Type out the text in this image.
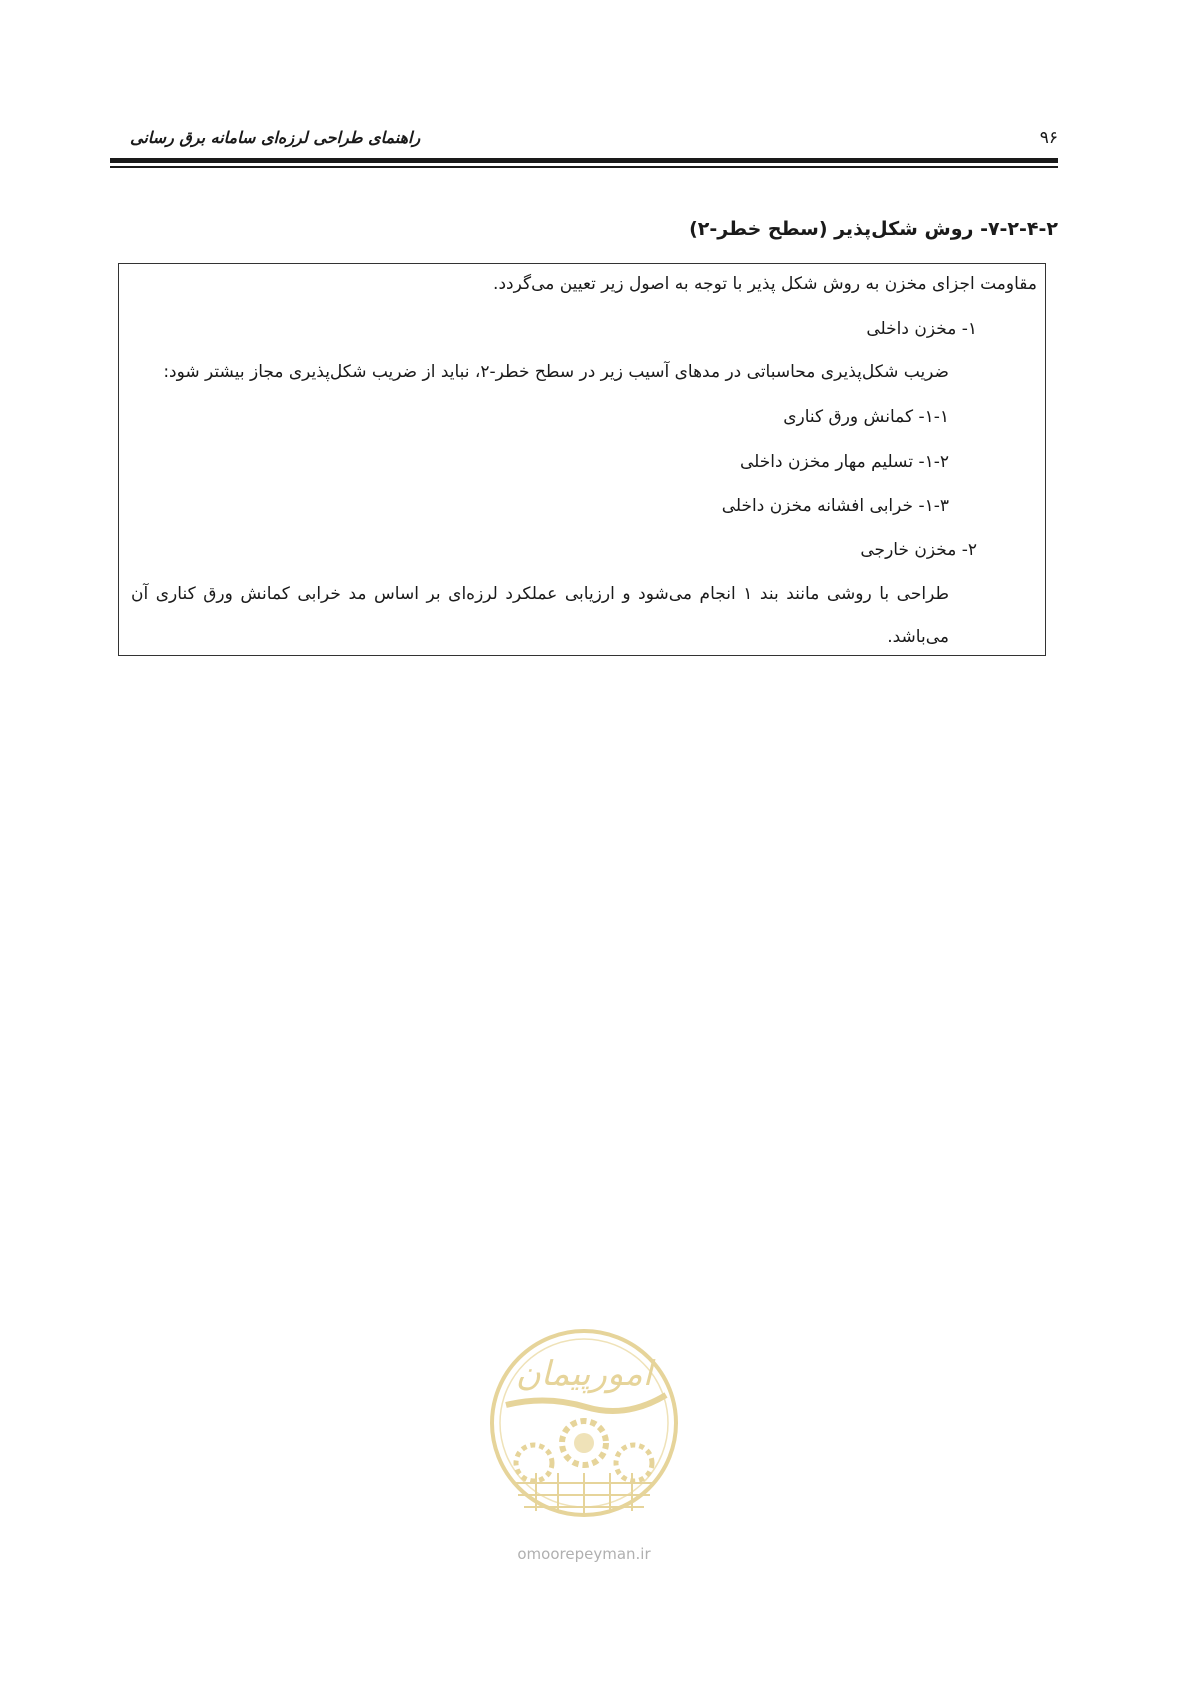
۹۶
راهنمای طراحی لرزه‌ای سامانه برق رسانی
۷-۲-۴-۲- روش شکل‌پذیر (سطح خطر-۲)
مقاومت اجزای مخزن به روش شکل پذیر با توجه به اصول زیر تعیین می‌گردد.
۱- مخزن داخلی
ضریب شکل‌پذیری محاسباتی در مدهای آسیب زیر در سطح خطر-۲، نباید از ضریب شکل‌پذیری مجاز بیشتر شود:
۱-۱- کمانش ورق کناری
۱-۲- تسلیم مهار مخزن داخلی
۱-۳- خرابی افشانه مخزن داخلی
۲- مخزن خارجی
طراحی با روشی مانند بند ۱ انجام می‌شود و ارزیابی عملکرد لرزه‌ای بر اساس مد خرابی کمانش ورق کناری آن
می‌باشد.
امورپیمان
omoorepeyman.ir
